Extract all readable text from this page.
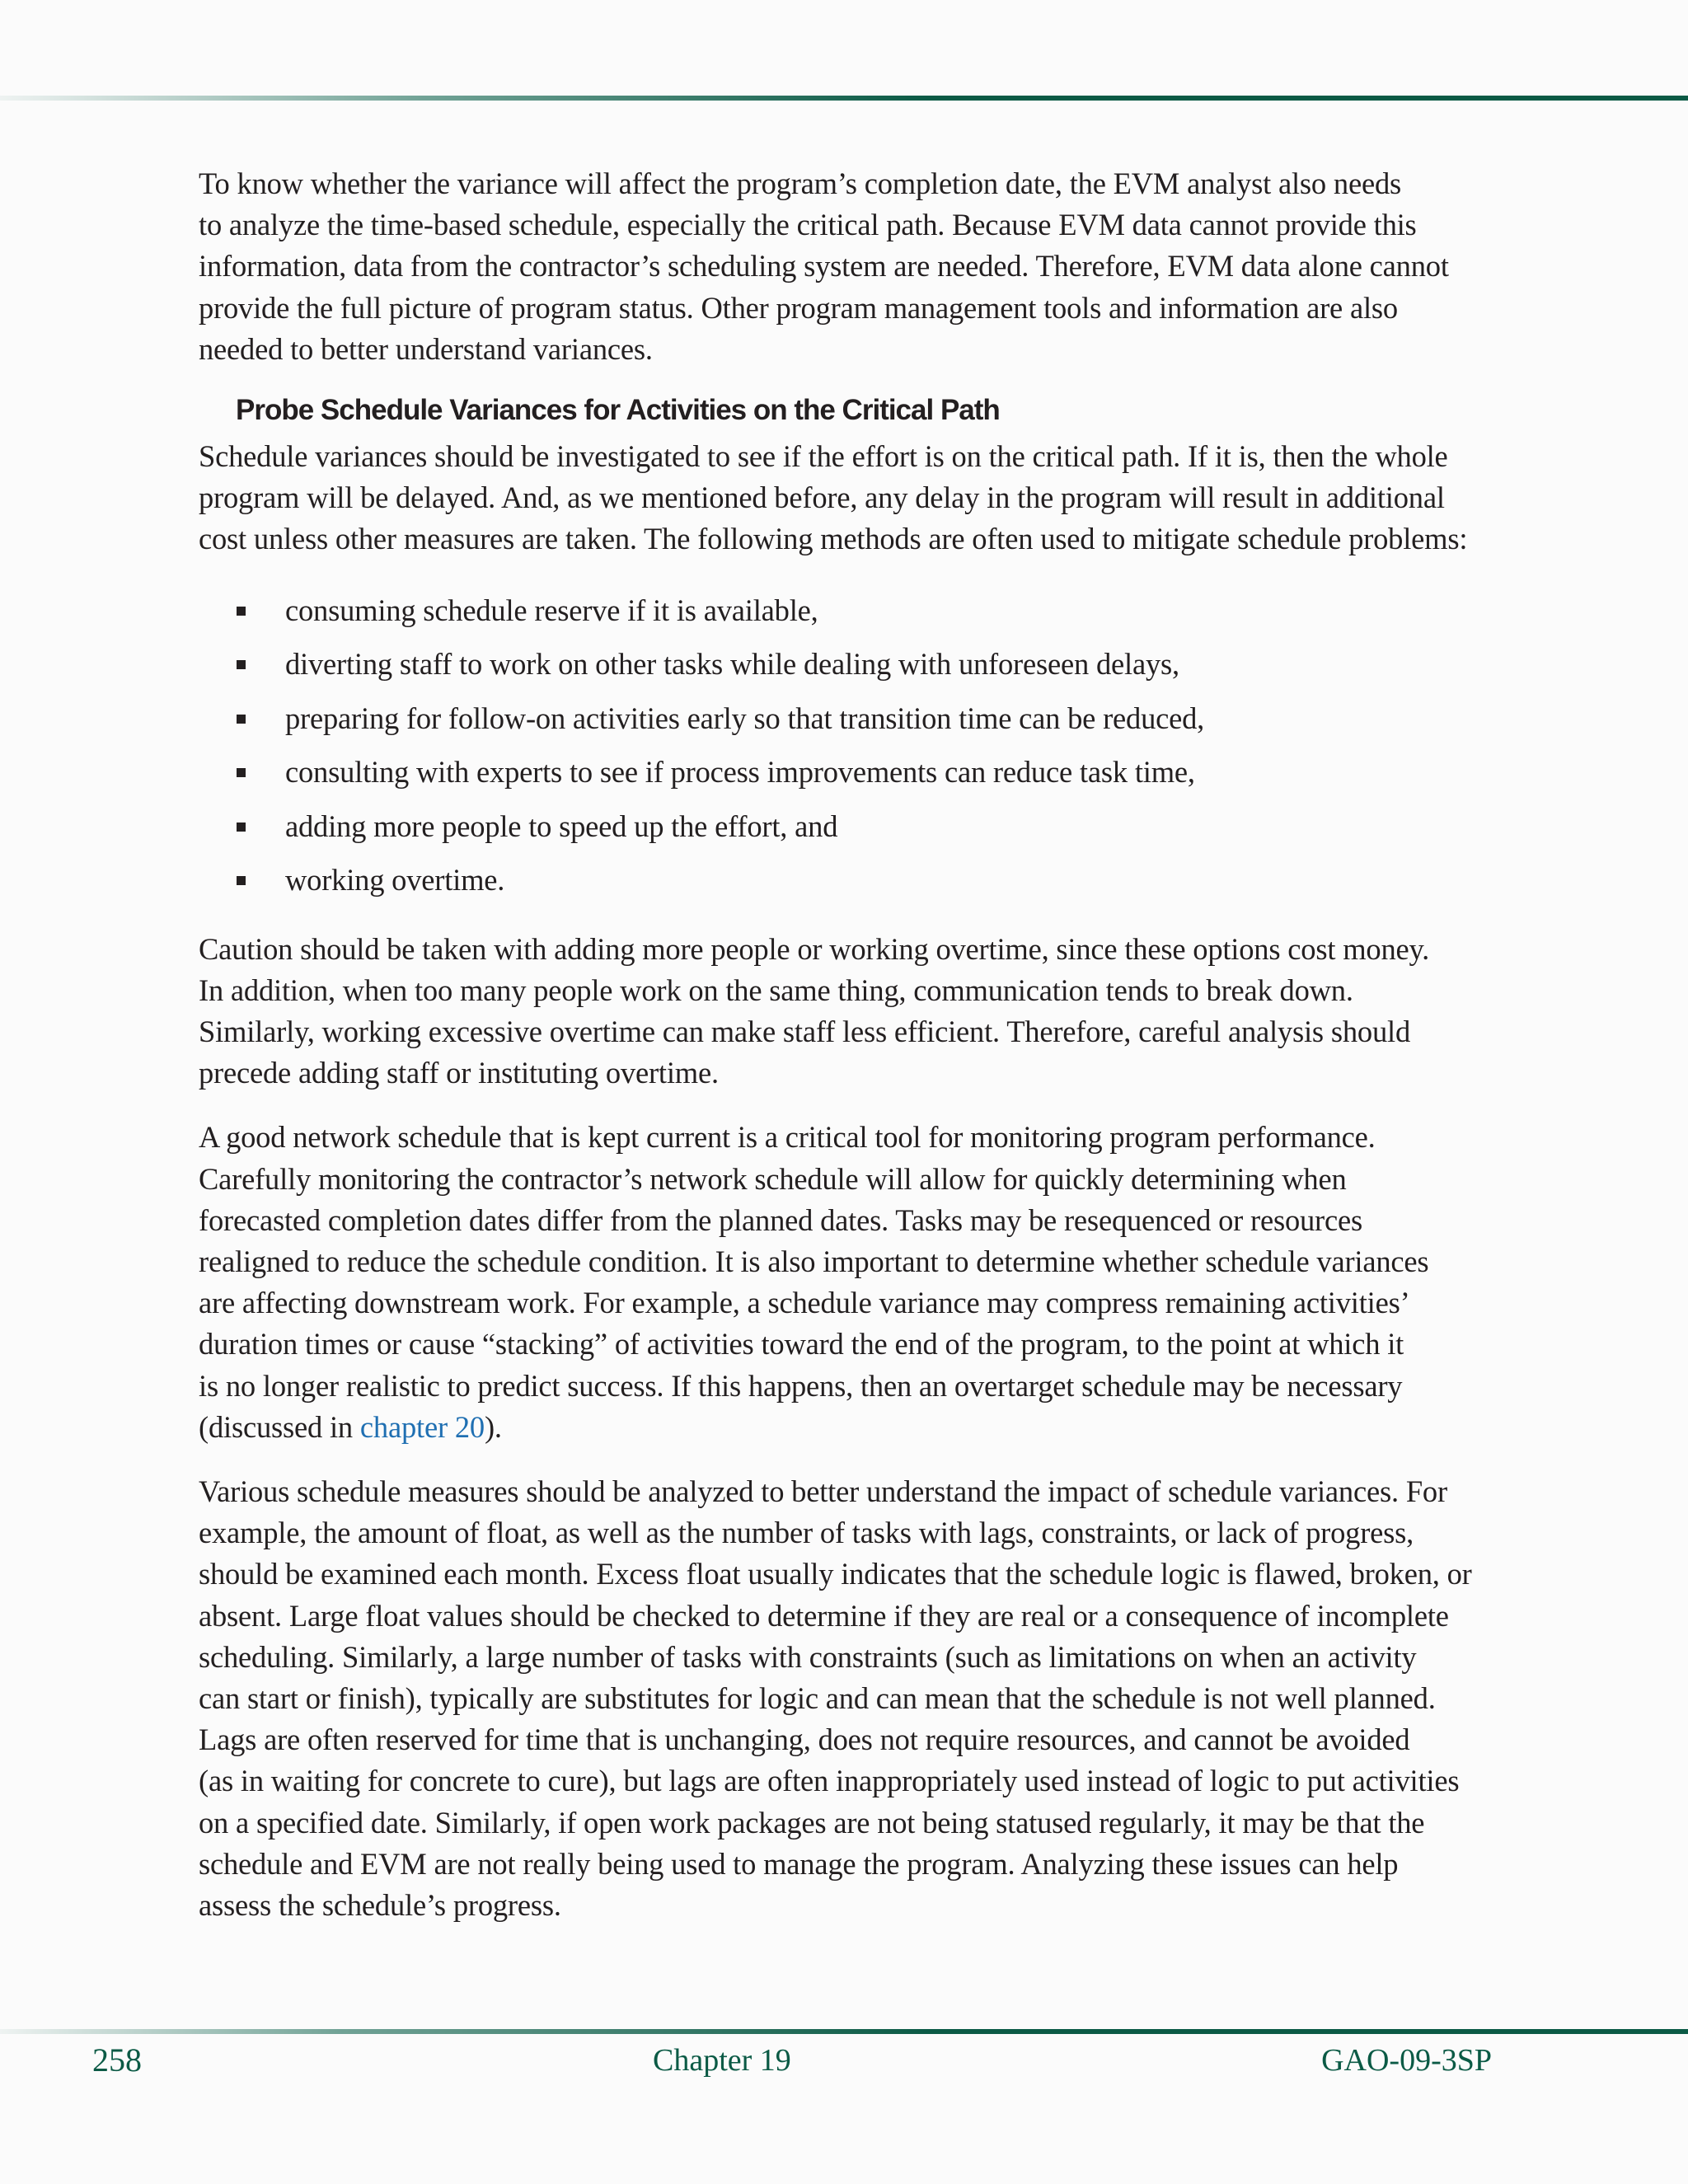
To know whether the variance will affect the program’s completion date, the EVM analyst also needs
to analyze the time-based schedule, especially the critical path. Because EVM data cannot provide this
information, data from the contractor’s scheduling system are needed. Therefore, EVM data alone cannot
provide the full picture of program status. Other program management tools and information are also
needed to better understand variances.

Probe Schedule Variances for Activities on the Critical Path

Schedule variances should be investigated to see if the effort is on the critical path. If it is, then the whole
program will be delayed. And, as we mentioned before, any delay in the program will result in additional
cost unless other measures are taken. The following methods are often used to mitigate schedule problems:

consuming schedule reserve if it is available,
diverting staff to work on other tasks while dealing with unforeseen delays,
preparing for follow-on activities early so that transition time can be reduced,
consulting with experts to see if process improvements can reduce task time,
adding more people to speed up the effort, and
working overtime.

Caution should be taken with adding more people or working overtime, since these options cost money.
In addition, when too many people work on the same thing, communication tends to break down.
Similarly, working excessive overtime can make staff less efficient. Therefore, careful analysis should
precede adding staff or instituting overtime.

A good network schedule that is kept current is a critical tool for monitoring program performance.
Carefully monitoring the contractor’s network schedule will allow for quickly determining when
forecasted completion dates differ from the planned dates. Tasks may be resequenced or resources
realigned to reduce the schedule condition. It is also important to determine whether schedule variances
are affecting downstream work. For example, a schedule variance may compress remaining activities’
duration times or cause “stacking” of activities toward the end of the program, to the point at which it
is no longer realistic to predict success. If this happens, then an overtarget schedule may be necessary
(discussed in chapter 20).

Various schedule measures should be analyzed to better understand the impact of schedule variances. For
example, the amount of float, as well as the number of tasks with lags, constraints, or lack of progress,
should be examined each month. Excess float usually indicates that the schedule logic is flawed, broken, or
absent. Large float values should be checked to determine if they are real or a consequence of incomplete
scheduling. Similarly, a large number of tasks with constraints (such as limitations on when an activity
can start or finish), typically are substitutes for logic and can mean that the schedule is not well planned.
Lags are often reserved for time that is unchanging, does not require resources, and cannot be avoided
(as in waiting for concrete to cure), but lags are often inappropriately used instead of logic to put activities
on a specified date. Similarly, if open work packages are not being statused regularly, it may be that the
schedule and EVM are not really being used to manage the program. Analyzing these issues can help
assess the schedule’s progress.

258	Chapter 19	GAO-09-3SP
